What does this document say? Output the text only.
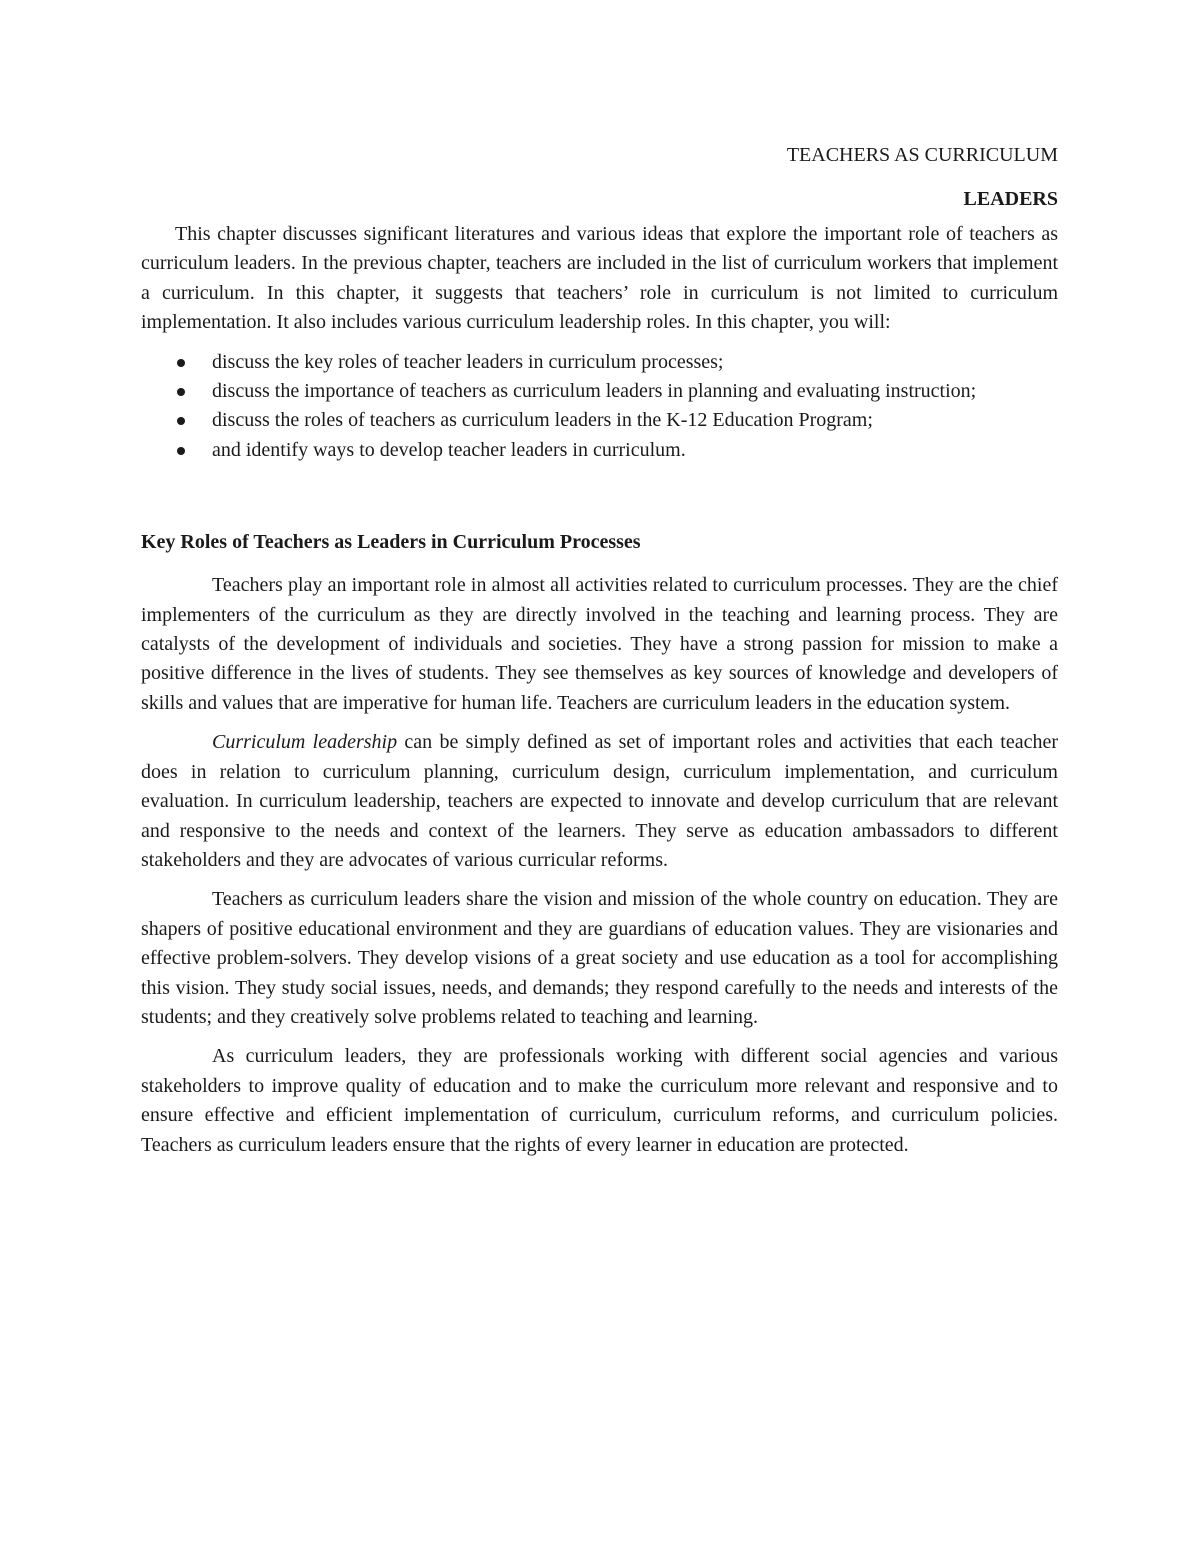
TEACHERS AS CURRICULUM
LEADERS

This chapter discusses significant literatures and various ideas that explore the important role of teachers as curriculum leaders. In the previous chapter, teachers are included in the list of curriculum workers that implement a curriculum. In this chapter, it suggests that teachers’ role in curriculum is not limited to curriculum implementation. It also includes various curriculum leadership roles. In this chapter, you will:

discuss the key roles of teacher leaders in curriculum processes;
discuss the importance of teachers as curriculum leaders in planning and evaluating instruction;
discuss the roles of teachers as curriculum leaders in the K-12 Education Program;
and identify ways to develop teacher leaders in curriculum.
Key Roles of Teachers as Leaders in Curriculum Processes

Teachers play an important role in almost all activities related to curriculum processes. They are the chief implementers of the curriculum as they are directly involved in the teaching and learning process. They are catalysts of the development of individuals and societies. They have a strong passion for mission to make a positive difference in the lives of students. They see themselves as key sources of knowledge and developers of skills and values that are imperative for human life. Teachers are curriculum leaders in the education system.

Curriculum leadership can be simply defined as set of important roles and activities that each teacher does in relation to curriculum planning, curriculum design, curriculum implementation, and curriculum evaluation. In curriculum leadership, teachers are expected to innovate and develop curriculum that are relevant and responsive to the needs and context of the learners. They serve as education ambassadors to different stakeholders and they are advocates of various curricular reforms.

Teachers as curriculum leaders share the vision and mission of the whole country on education. They are shapers of positive educational environment and they are guardians of education values. They are visionaries and effective problem-solvers. They develop visions of a great society and use education as a tool for accomplishing this vision. They study social issues, needs, and demands; they respond carefully to the needs and interests of the students; and they creatively solve problems related to teaching and learning.

As curriculum leaders, they are professionals working with different social agencies and various stakeholders to improve quality of education and to make the curriculum more relevant and responsive and to ensure effective and efficient implementation of curriculum, curriculum reforms, and curriculum policies. Teachers as curriculum leaders ensure that the rights of every learner in education are protected.
